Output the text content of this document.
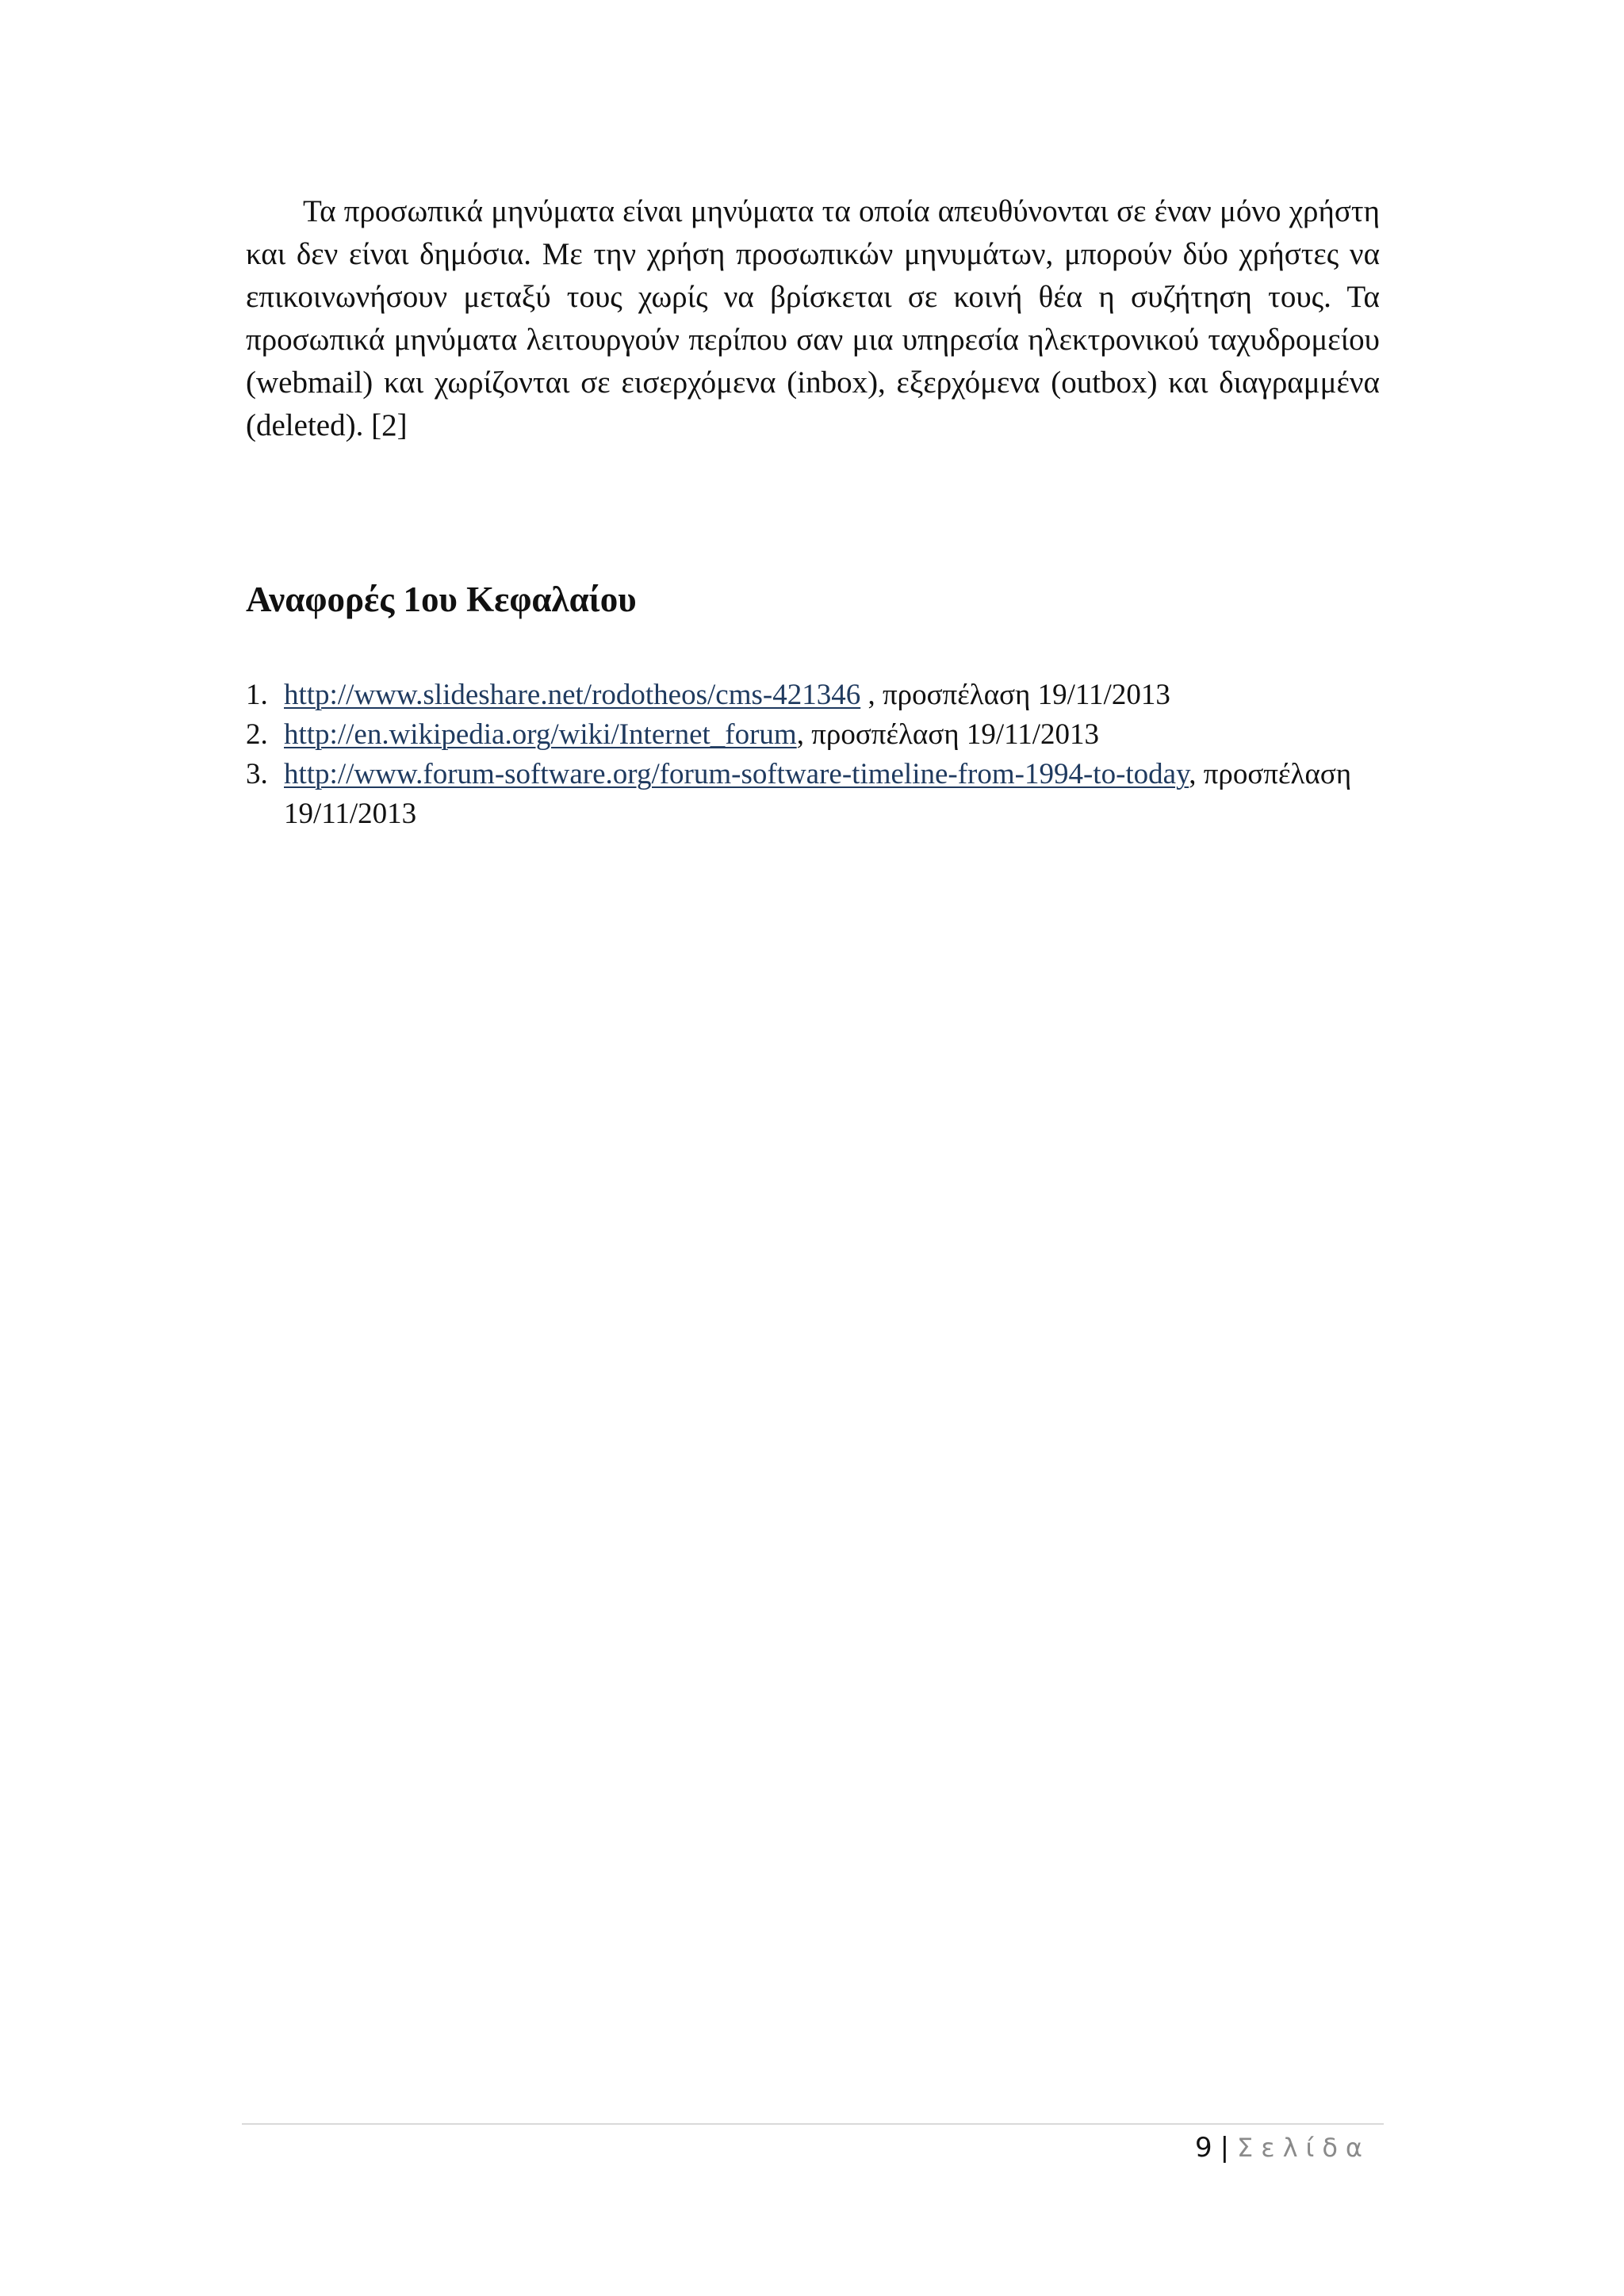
Τα προσωπικά μηνύματα είναι μηνύματα τα οποία απευθύνονται σε έναν μόνο χρήστη και δεν είναι δημόσια. Με την χρήση προσωπικών μηνυμάτων, μπορούν δύο χρήστες να επικοινωνήσουν μεταξύ τους χωρίς να βρίσκεται σε κοινή θέα η συζήτηση τους. Τα προσωπικά μηνύματα λειτουργούν περίπου σαν μια υπηρεσία ηλεκτρονικού ταχυδρομείου (webmail) και χωρίζονται σε εισερχόμενα (inbox), εξερχόμενα (outbox) και διαγραμμένα (deleted). [2]

Αναφορές 1ου Κεφαλαίου
1. http://www.slideshare.net/rodotheos/cms-421346 , προσπέλαση 19/11/2013
2. http://en.wikipedia.org/wiki/Internet_forum, προσπέλαση 19/11/2013
3. http://www.forum-software.org/forum-software-timeline-from-1994-to-today, προσπέλαση 19/11/2013
9 | Σελίδα
